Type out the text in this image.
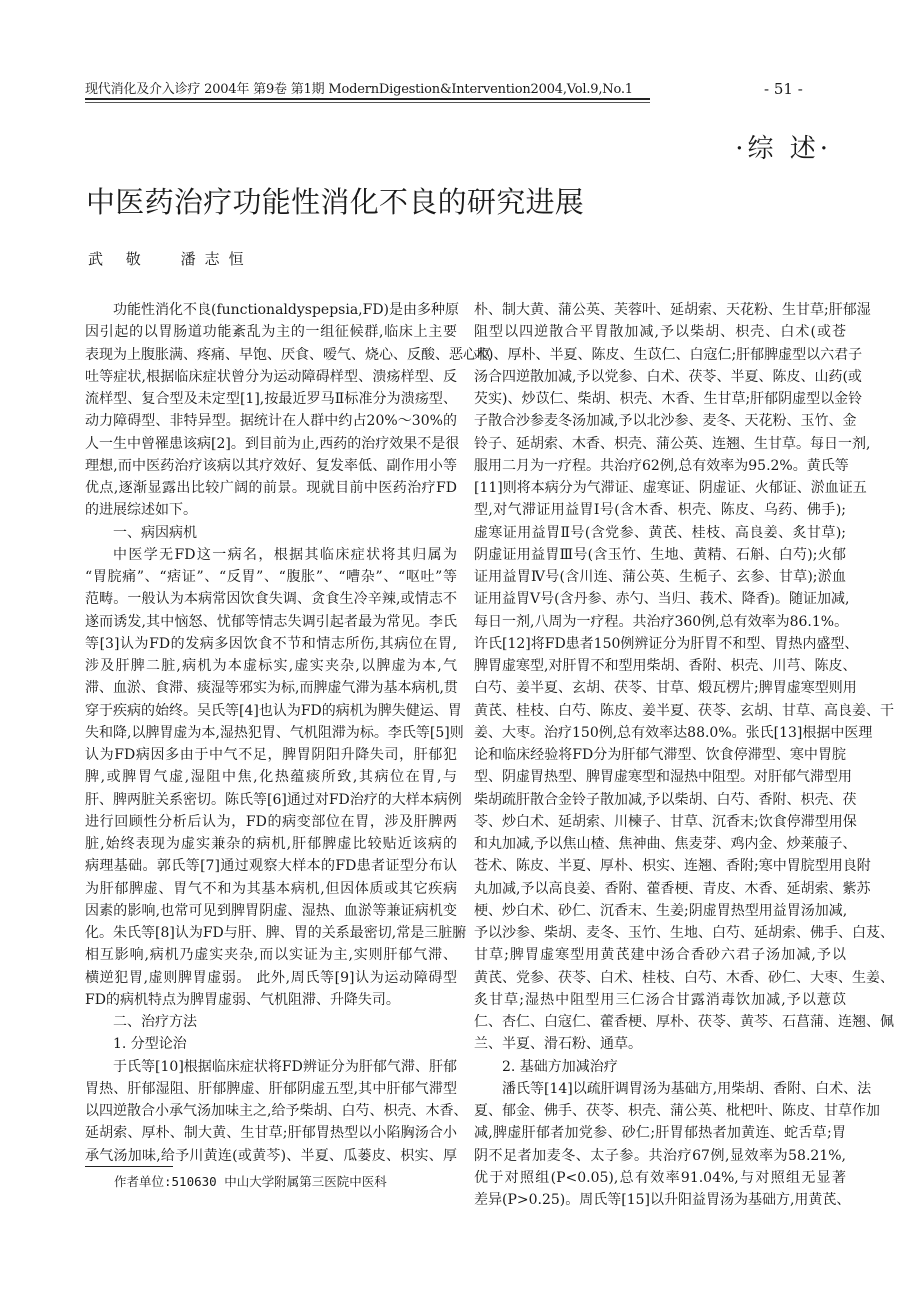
现代消化及介入诊疗 2004年 第9卷 第1期 ModernDigestion&Intervention2004,Vol.9,No.1	- 51 -
·综 述·
中医药治疗功能性消化不良的研究进展
武 敬 潘志恒
功能性消化不良(functionaldyspepsia,FD)是由多种原
因引起的以胃肠道功能紊乱为主的一组征候群,临床上主要
表现为上腹胀满、疼痛、早饱、厌食、嗳气、烧心、反酸、恶心呕
吐等症状,根据临床症状曾分为运动障碍样型、溃疡样型、反
流样型、复合型及未定型[1],按最近罗马Ⅱ标准分为溃疡型、
动力障碍型、非特异型。据统计在人群中约占20%～30%的
人一生中曾罹患该病[2]。到目前为止,西药的治疗效果不是很
理想,而中医药治疗该病以其疗效好、复发率低、副作用小等
优点,逐渐显露出比较广阔的前景。现就目前中医药治疗FD
的进展综述如下。
一、病因病机
中医学无FD这一病名，根据其临床症状将其归属为
“胃脘痛”、“痞证”、“反胃”、“腹胀”、“嘈杂”、“呕吐”等
范畴。一般认为本病常因饮食失调、贪食生冷辛辣,或情志不
遂而诱发,其中恼怒、忧郁等情志失调引起者最为常见。李氏
等[3]认为FD的发病多因饮食不节和情志所伤,其病位在胃,
涉及肝脾二脏,病机为本虚标实,虚实夹杂,以脾虚为本,气
滞、血淤、食滞、痰湿等邪实为标,而脾虚气滞为基本病机,贯
穿于疾病的始终。吴氏等[4]也认为FD的病机为脾失健运、胃
失和降,以脾胃虚为本,湿热犯胃、气机阻滞为标。李氏等[5]则
认为FD病因多由于中气不足，脾胃阴阳升降失司，肝郁犯
脾,或脾胃气虚,湿阻中焦,化热蕴痰所致,其病位在胃,与
肝、脾两脏关系密切。陈氏等[6]通过对FD治疗的大样本病例
进行回顾性分析后认为，FD的病变部位在胃，涉及肝脾两
脏,始终表现为虚实兼杂的病机,肝郁脾虚比较贴近该病的
病理基础。郭氏等[7]通过观察大样本的FD患者证型分布认
为肝郁脾虚、胃气不和为其基本病机,但因体质或其它疾病
因素的影响,也常可见到脾胃阴虚、湿热、血淤等兼证病机变
化。朱氏等[8]认为FD与肝、脾、胃的关系最密切,常是三脏腑
相互影响,病机乃虚实夹杂,而以实证为主,实则肝郁气滞、
横逆犯胃,虚则脾胃虚弱。 此外,周氏等[9]认为运动障碍型
FD的病机特点为脾胃虚弱、气机阻滞、升降失司。
二、治疗方法
1. 分型论治
于氏等[10]根据临床症状将FD辨证分为肝郁气滞、肝郁
胃热、肝郁湿阻、肝郁脾虚、肝郁阴虚五型,其中肝郁气滞型
以四逆散合小承气汤加味主之,给予柴胡、白芍、枳壳、木香、
延胡索、厚朴、制大黄、生甘草;肝郁胃热型以小陷胸汤合小
承气汤加味,给予川黄连(或黄芩)、半夏、瓜蒌皮、枳实、厚
朴、制大黄、蒲公英、芙蓉叶、延胡索、天花粉、生甘草;肝郁湿
阻型以四逆散合平胃散加减,予以柴胡、枳壳、白术(或苍
术)、厚朴、半夏、陈皮、生苡仁、白寇仁;肝郁脾虚型以六君子
汤合四逆散加减,予以党参、白术、茯苓、半夏、陈皮、山药(或
芡实)、炒苡仁、柴胡、枳壳、木香、生甘草;肝郁阴虚型以金铃
子散合沙参麦冬汤加减,予以北沙参、麦冬、天花粉、玉竹、金
铃子、延胡索、木香、枳壳、蒲公英、连翘、生甘草。每日一剂,
服用二月为一疗程。共治疗62例,总有效率为95.2%。黄氏等
[11]则将本病分为气滞证、虚寒证、阴虚证、火郁证、淤血证五
型,对气滞证用益胃Ⅰ号(含木香、枳壳、陈皮、乌药、佛手);
虚寒证用益胃Ⅱ号(含党参、黄芪、桂枝、高良姜、炙甘草);
阴虚证用益胃Ⅲ号(含玉竹、生地、黄精、石斛、白芍);火郁
证用益胃Ⅳ号(含川连、蒲公英、生栀子、玄参、甘草);淤血
证用益胃Ⅴ号(含丹参、赤勺、当归、莪术、降香)。随证加减,
每日一剂,八周为一疗程。共治疗360例,总有效率为86.1%。
许氏[12]将FD患者150例辨证分为肝胃不和型、胃热内盛型、
脾胃虚寒型,对肝胃不和型用柴胡、香附、枳壳、川芎、陈皮、
白芍、姜半夏、玄胡、茯苓、甘草、煅瓦楞片;脾胃虚寒型则用
黄芪、桂枝、白芍、陈皮、姜半夏、茯苓、玄胡、甘草、高良姜、干
姜、大枣。治疗150例,总有效率达88.0%。张氏[13]根据中医理
论和临床经验将FD分为肝郁气滞型、饮食停滞型、寒中胃脘
型、阴虚胃热型、脾胃虚寒型和湿热中阻型。对肝郁气滞型用
柴胡疏肝散合金铃子散加减,予以柴胡、白芍、香附、枳壳、茯
苓、炒白术、延胡索、川楝子、甘草、沉香末;饮食停滞型用保
和丸加减,予以焦山楂、焦神曲、焦麦芽、鸡内金、炒莱菔子、
苍术、陈皮、半夏、厚朴、枳实、连翘、香附;寒中胃脘型用良附
丸加减,予以高良姜、香附、藿香梗、青皮、木香、延胡索、紫苏
梗、炒白术、砂仁、沉香末、生姜;阴虚胃热型用益胃汤加减,
予以沙参、柴胡、麦冬、玉竹、生地、白芍、延胡索、佛手、白芨、
甘草;脾胃虚寒型用黄芪建中汤合香砂六君子汤加减,予以
黄芪、党参、茯苓、白术、桂枝、白芍、木香、砂仁、大枣、生姜、
炙甘草;湿热中阻型用三仁汤合甘露消毒饮加减,予以薏苡
仁、杏仁、白寇仁、藿香梗、厚朴、茯苓、黄芩、石菖蒲、连翘、佩
兰、半夏、滑石粉、通草。
2. 基础方加减治疗
潘氏等[14]以疏肝调胃汤为基础方,用柴胡、香附、白术、法
夏、郁金、佛手、茯苓、枳壳、蒲公英、枇杷叶、陈皮、甘草作加
减,脾虚肝郁者加党参、砂仁;肝胃郁热者加黄连、蛇舌草;胃
阴不足者加麦冬、太子参。共治疗67例,显效率为58.21%,
优于对照组(P<0.05),总有效率91.04%,与对照组无显著
差异(P>0.25)。周氏等[15]以升阳益胃汤为基础方,用黄芪、
作者单位:510630 中山大学附属第三医院中医科
